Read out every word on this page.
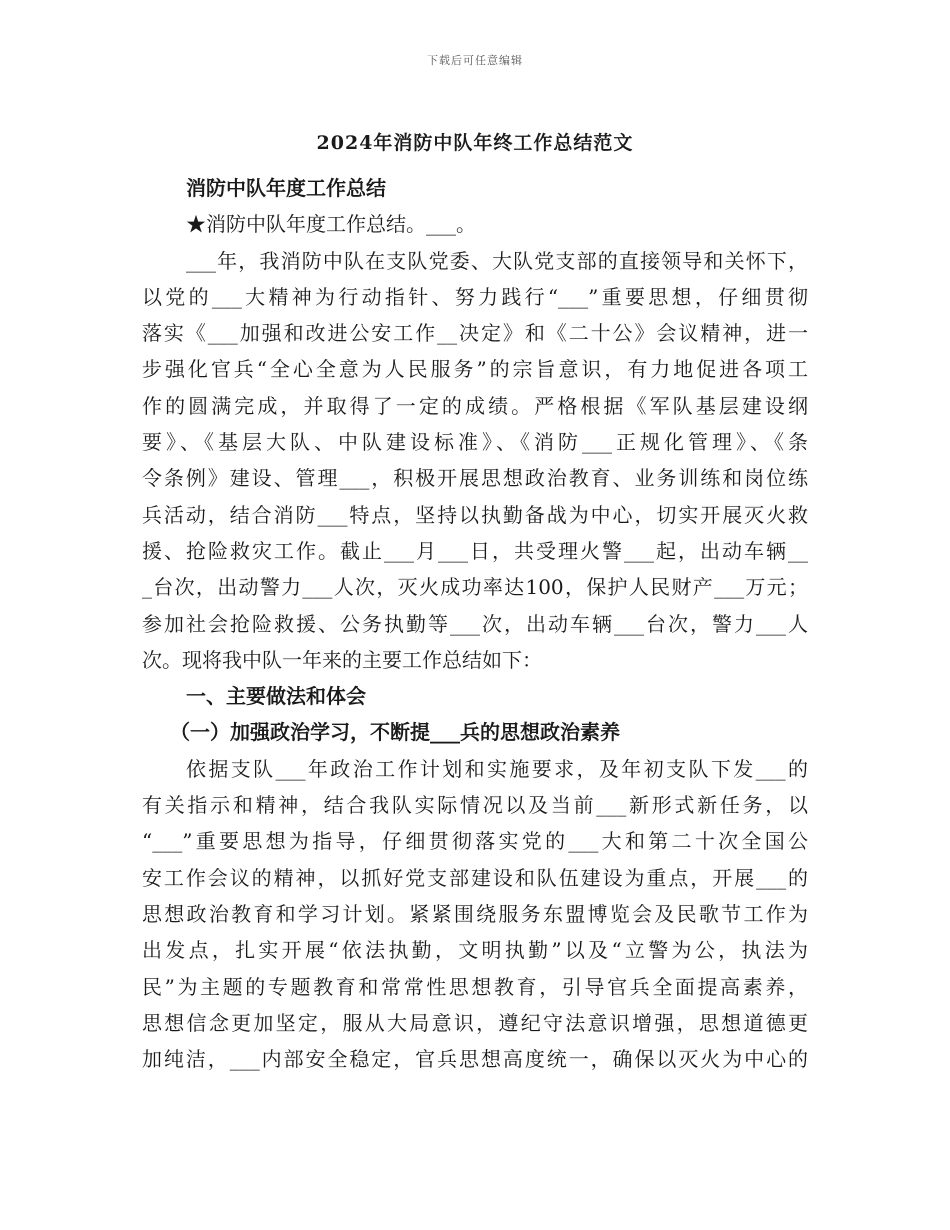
下载后可任意编辑
2024年消防中队年终工作总结范文
消防中队年度工作总结
★消防中队年度工作总结。___。
___年，我消防中队在支队党委、大队党支部的直接领导和关怀下，
以党的___大精神为行动指针、努力践行“___”重要思想，仔细贯彻
落实《___加强和改进公安工作__决定》和《二十公》会议精神，进一
步强化官兵“全心全意为人民服务”的宗旨意识，有力地促进各项工
作的圆满完成，并取得了一定的成绩。严格根据《军队基层建设纲
要》、《基层大队、中队建设标准》、《消防___正规化管理》、《条
令条例》建设、管理___，积极开展思想政治教育、业务训练和岗位练
兵活动，结合消防___特点，坚持以执勤备战为中心，切实开展灭火救
援、抢险救灾工作。截止___月___日，共受理火警___起，出动车辆__
_台次，出动警力___人次，灭火成功率达100，保护人民财产___万元；
参加社会抢险救援、公务执勤等___次，出动车辆___台次，警力___人
次。现将我中队一年来的主要工作总结如下：
一、主要做法和体会
（一）加强政治学习，不断提___兵的思想政治素养
依据支队___年政治工作计划和实施要求，及年初支队下发___的
有关指示和精神，结合我队实际情况以及当前___新形式新任务，以
“___”重要思想为指导，仔细贯彻落实党的___大和第二十次全国公
安工作会议的精神，以抓好党支部建设和队伍建设为重点，开展___的
思想政治教育和学习计划。紧紧围绕服务东盟博览会及民歌节工作为
出发点，扎实开展“依法执勤，文明执勤”以及“立警为公，执法为
民”为主题的专题教育和常常性思想教育，引导官兵全面提高素养，
思想信念更加坚定，服从大局意识，遵纪守法意识增强，思想道德更
加纯洁，___内部安全稳定，官兵思想高度统一，确保以灭火为中心的
